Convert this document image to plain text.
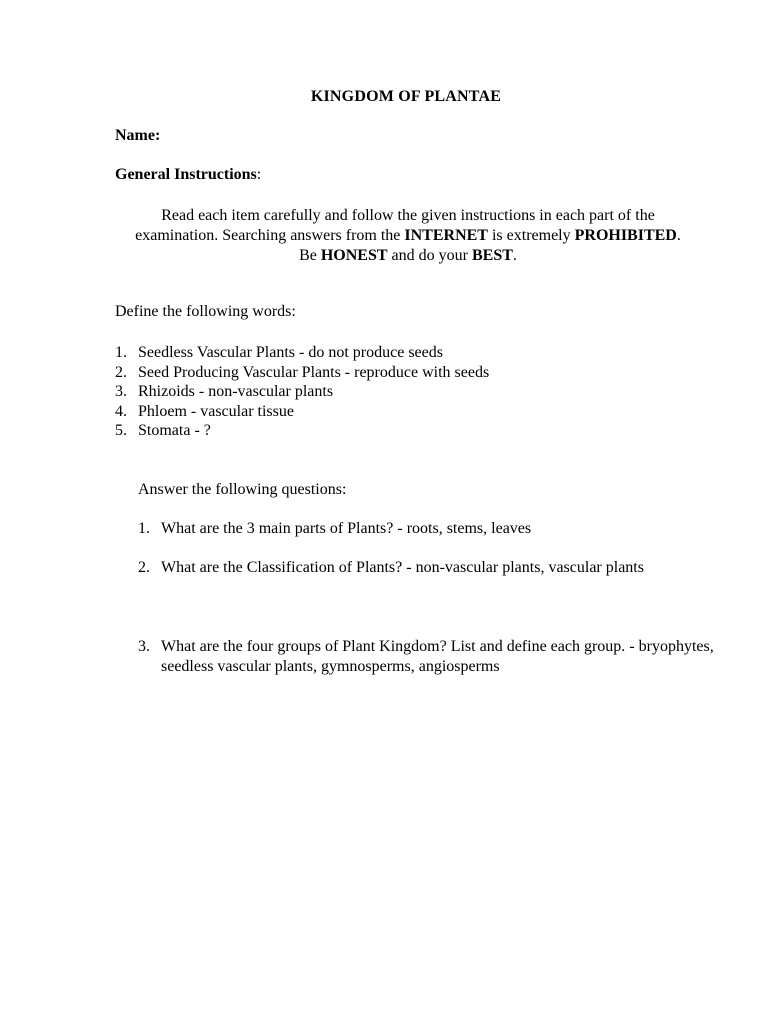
KINGDOM OF PLANTAE
Name:
General Instructions:
Read each item carefully and follow the given instructions in each part of the
examination. Searching answers from the INTERNET is extremely PROHIBITED.
Be HONEST and do your BEST.
Define the following words:
1. Seedless Vascular Plants - do not produce seeds
2. Seed Producing Vascular Plants - reproduce with seeds
3. Rhizoids - non-vascular plants
4. Phloem - vascular tissue
5. Stomata - ?
Answer the following questions:
1. What are the 3 main parts of Plants? - roots, stems, leaves
2. What are the Classification of Plants? - non-vascular plants, vascular plants
3. What are the four groups of Plant Kingdom? List and define each group. - bryophytes, seedless vascular plants, gymnosperms, angiosperms
